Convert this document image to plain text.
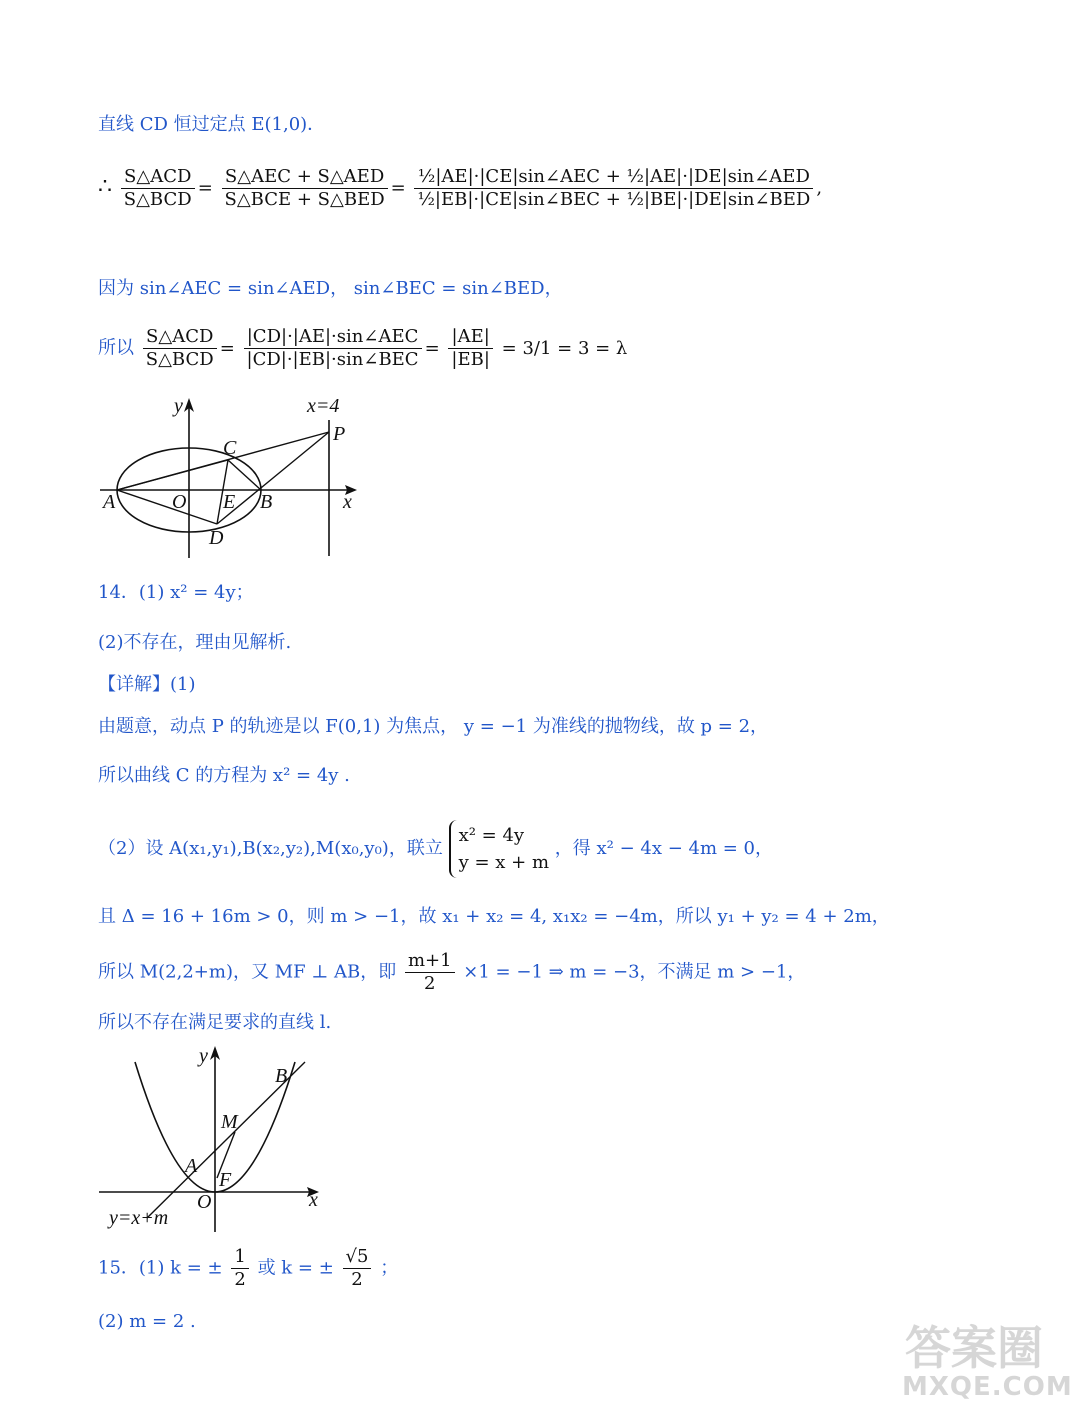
直线 CD 恒过定点 E(1,0)．
∴ $\frac{\text{S△ACD}}{\text{S△BCD}} = \frac{\text{S△AEC + S△AED}}{\text{S△BCE + S△BED}} = \frac{\text{½|AE|·|CE|sin∠AEC + ½|AE|·|DE|sin∠AED}}{\text{½|EB|·|CE|sin∠BEC + ½|BE|·|DE|sin∠BED}}$ ,
因为 sin∠AEC = sin∠AED， sin∠BEC = sin∠BED，
所以 $\frac{\text{S△ACD}}{\text{S△BCD}} = \frac{\text{|CD|·|AE|·sin∠AEC}}{\text{|CD|·|EB|·sin∠BEC}} = \frac{|AE|}{|EB|} = 3/1 = 3 = \lambda$
y	x=4
P
C
A	O E B	x
D
14．(1) x² = 4y；
(2)不存在，理由见解析.
【详解】(1)
由题意，动点 P 的轨迹是以 F(0,1) 为焦点， y = −1 为准线的抛物线，故 p = 2，
所以曲线 C 的方程为 x² = 4y .
（2）设 A(x₁,y₁),B(x₂,y₂),M(x₀,y₀)，联立
x² = 4y
y = x + m
，得 x² − 4x − 4m = 0，
且 Δ = 16 + 16m > 0，则 m > −1，故 x₁ + x₂ = 4, x₁x₂ = −4m，所以 y₁ + y₂ = 4 + 2m，
所以 M(2,2+m)，又 MF ⊥ AB，即 $\frac{m+1}{2} \times 1 = -1$ ⇒ m = −3，不满足 m > −1，
所以不存在满足要求的直线 l.
y
B
M
A
F
O	x
y=x+m
15．(1) k = ± $\frac{1}{2}$ 或 k = ± $\frac{√5}{2}$ ；
(2) m = 2 .	答案圈
MXQE.COM
